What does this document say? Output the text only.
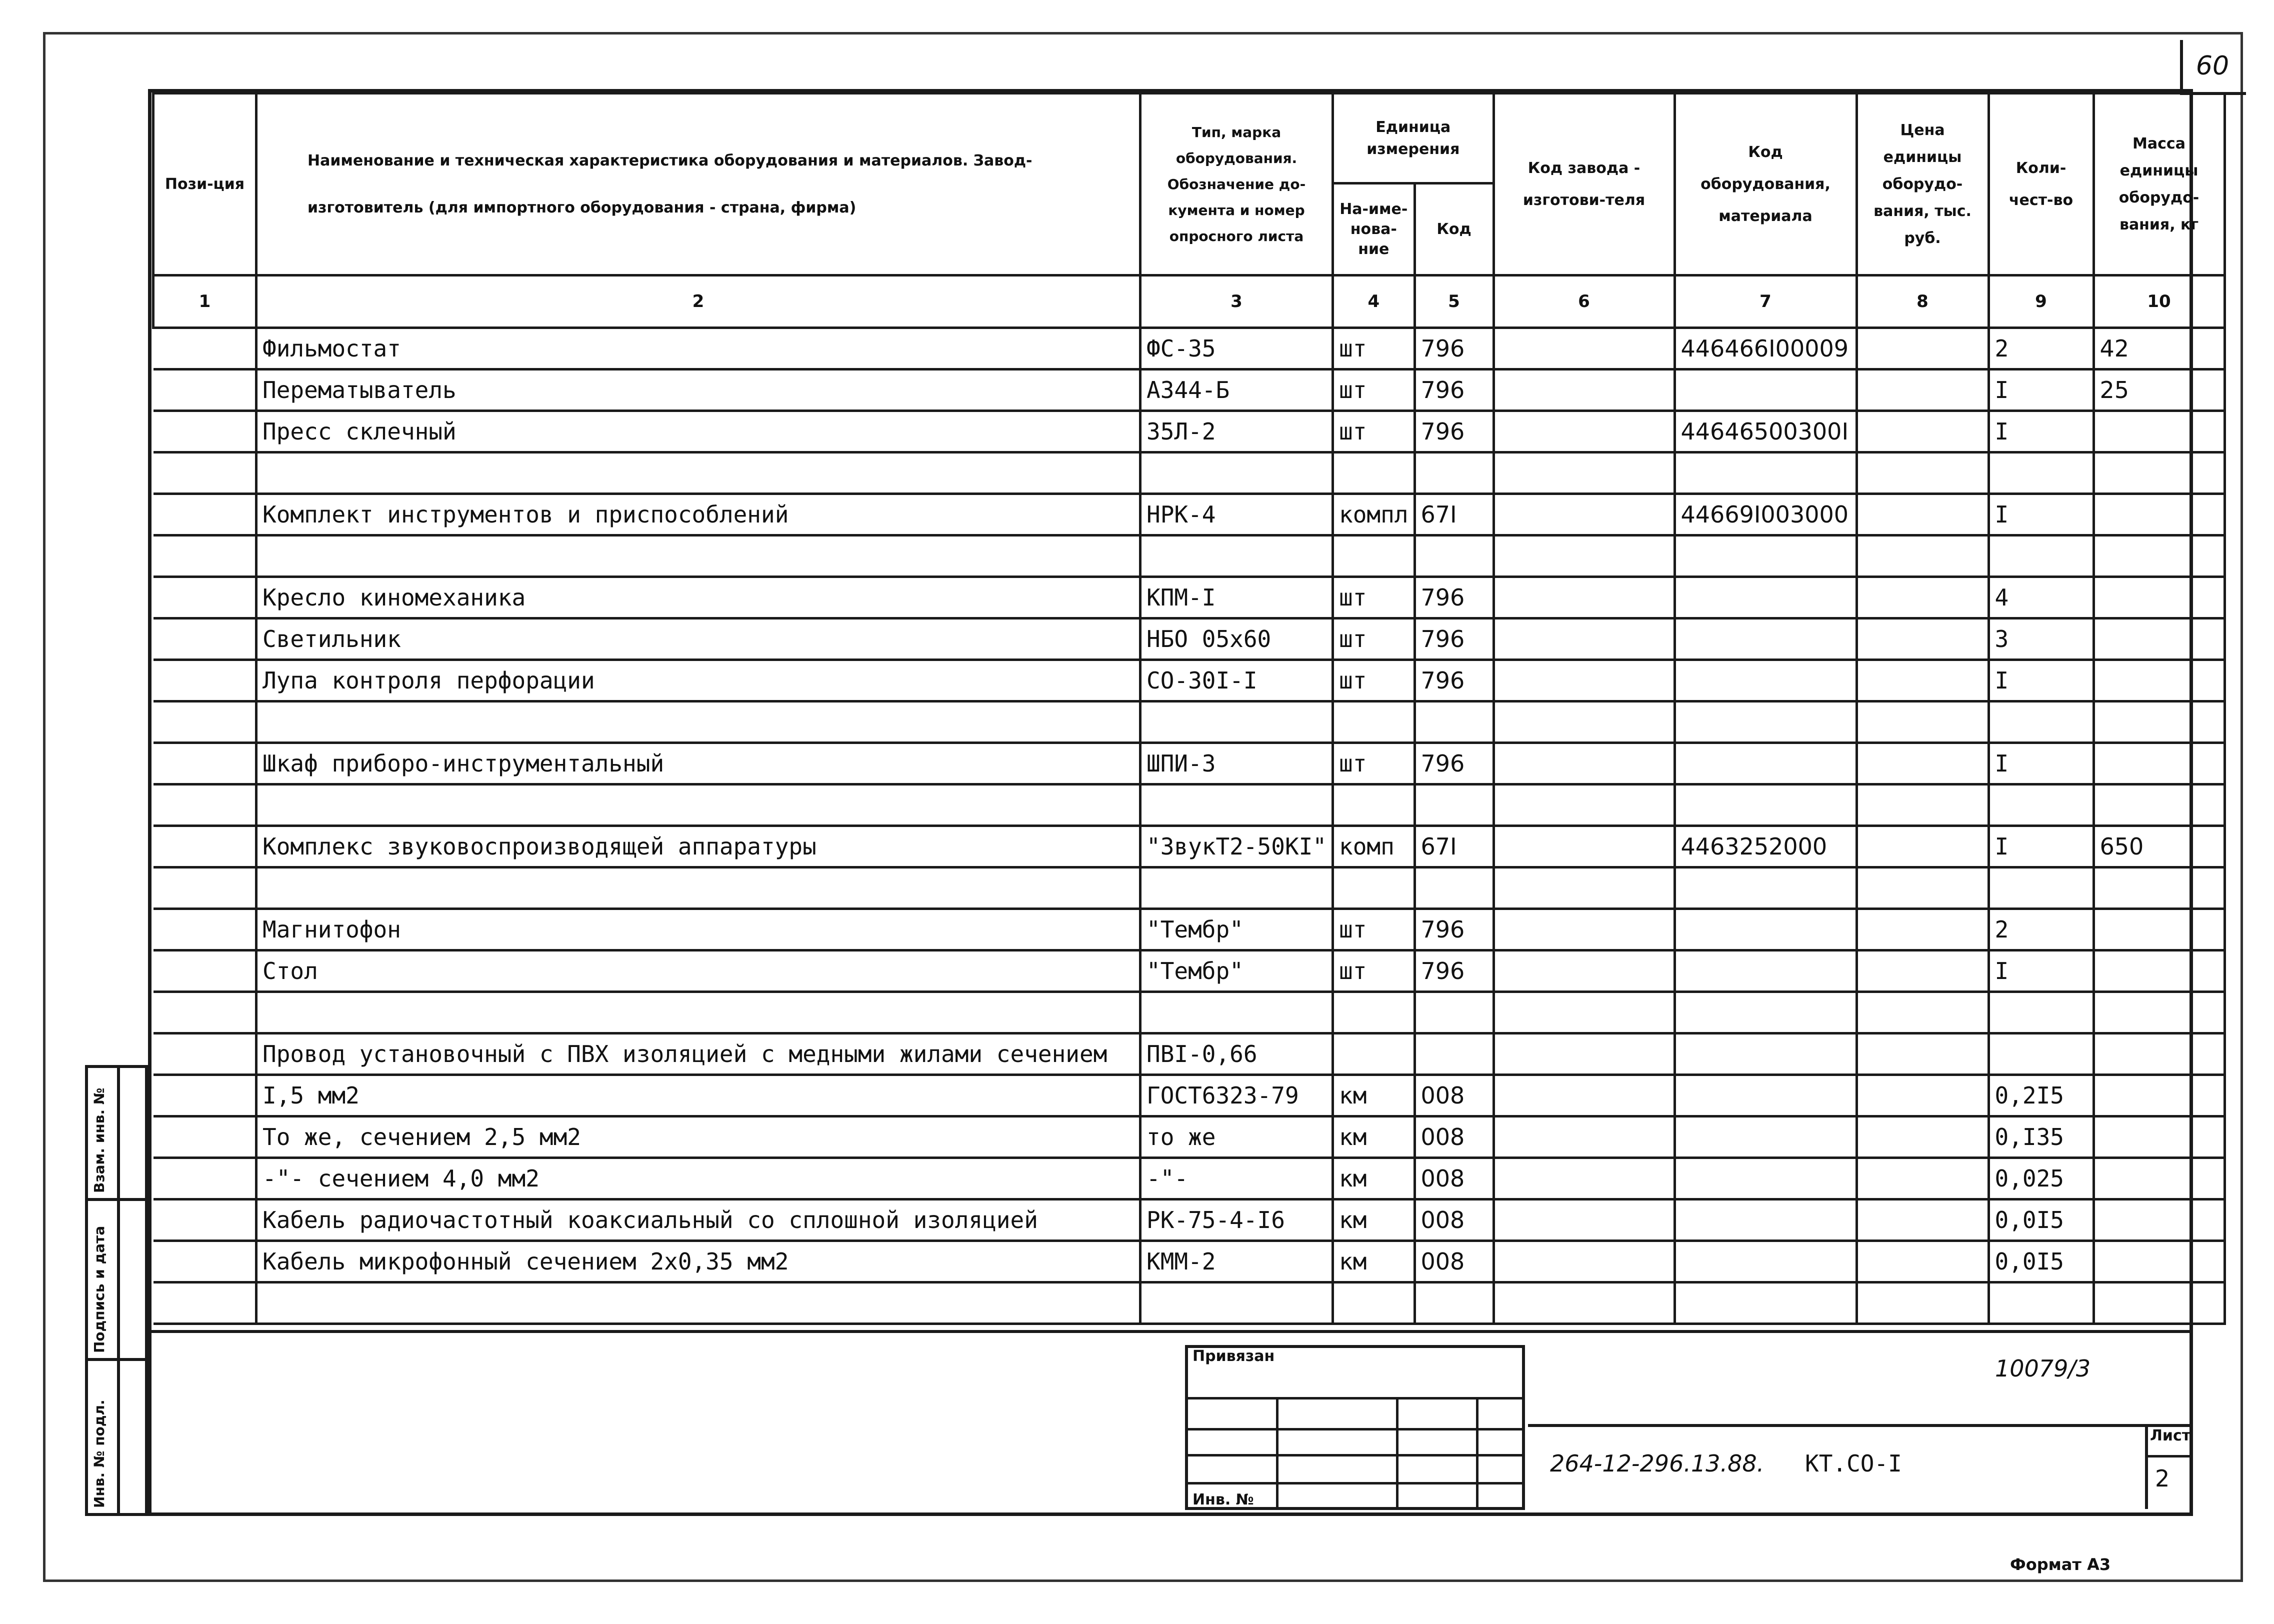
60
Пози-ция	Наименование и техническая характеристика оборудования и материалов. Завод-изготовитель (для импортного оборудования - страна, фирма)	Тип, марка оборудования. Обозначение до-кумента и номер опросного листа	Единица измерения		Код завода - изготови-теля	Код оборудования, материала	Цена единицы оборудо-вания, тыс. руб.	Коли-чест-во	Масса единицы оборудо-вания, кг
			На-име-нова-ние	Код					
1	2	3	4	5	6	7	8	9	10
	Фильмостат	ФС-35	шт	796		446466I00009		2	42
	Перематыватель	А344-Б	шт	796				I	25
	Пресс склечный	35Л-2	шт	796		44646500300I		I	

	Комплект инструментов и приспособлений	НРК-4	компл	67I		44669I003000		I	

	Кресло киномеханика	КПМ-I	шт	796				4	
	Светильник	НБО 05х60	шт	796				3	
	Лупа контроля перфорации	СО-30I-I	шт	796				I	

	Шкаф приборо-инструментальный	ШПИ-3	шт	796				I	

	Комплекс звуковоспроизводящей аппаратуры	"ЗвукТ2-50КI"	комп	67I		4463252000		I	650

	Магнитофон	"Тембр"	шт	796				2	
	Стол	"Тембр"	шт	796				I	

	Провод установочный с ПВХ изоляцией с медными жилами сечением	ПВI-0,66							
	I,5 мм2	ГОСТ6323-79	км	008				0,2I5	
	То же, сечением 2,5 мм2	то же	км	008				0,I35	
	-"- сечением 4,0 мм2	-"-	км	008				0,025	
	Кабель радиочастотный коаксиальный со сплошной изоляцией	РК-75-4-I6	км	008				0,0I5	
	Кабель микрофонный сечением 2х0,35 мм2	КММ-2	км	008				0,0I5	

Взам. инв. №
Подпись и дата
Инв. № подл.
Привязан
Инв. №
10079/3
264-12-296.13.88. КТ.СО-I
Лист
2
Формат А3
